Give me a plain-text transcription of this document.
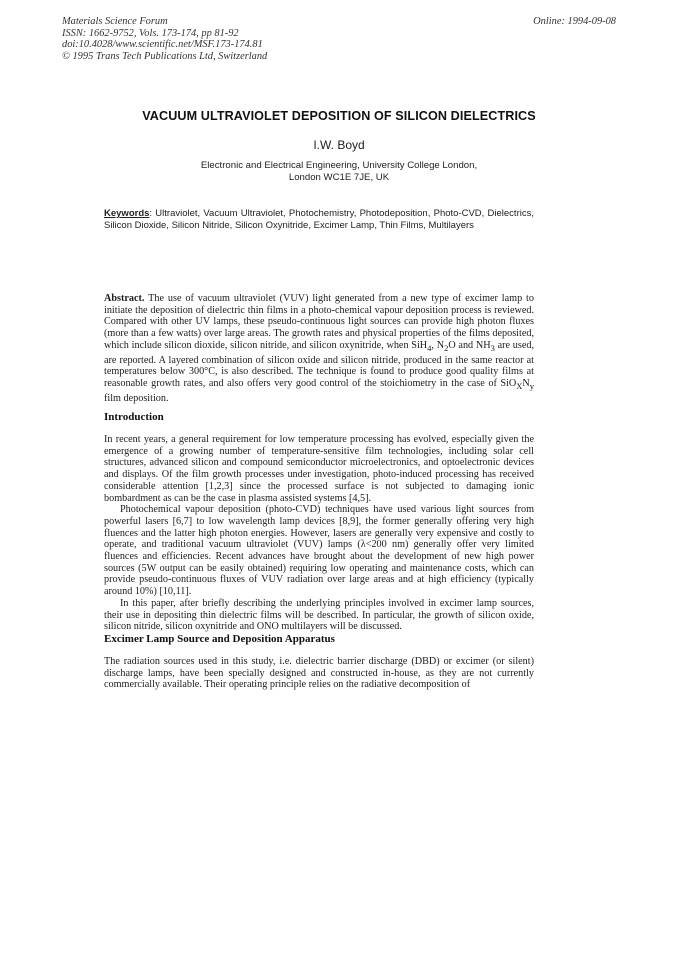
Materials Science Forum
ISSN: 1662-9752, Vols. 173-174, pp 81-92
doi:10.4028/www.scientific.net/MSF.173-174.81
© 1995 Trans Tech Publications Ltd, Switzerland
Online: 1994-09-08
VACUUM ULTRAVIOLET DEPOSITION OF SILICON DIELECTRICS
I.W. Boyd
Electronic and Electrical Engineering, University College London,
London WC1E 7JE, UK
Keywords: Ultraviolet, Vacuum Ultraviolet, Photochemistry, Photodeposition, Photo-CVD, Dielectrics, Silicon Dioxide, Silicon Nitride, Silicon Oxynitride, Excimer Lamp, Thin Films, Multilayers

Abstract. The use of vacuum ultraviolet (VUV) light generated from a new type of excimer lamp to initiate the deposition of dielectric thin films in a photo-chemical vapour deposition process is reviewed. Compared with other UV lamps, these pseudo-continuous light sources can provide high photon fluxes (more than a few watts) over large areas. The growth rates and physical properties of the films deposited, which include silicon dioxide, silicon nitride, and silicon oxynitride, when SiH$_4$, $N_2O$ and $NH_3$ are used, are reported. A layered combination of silicon oxide and silicon nitride, produced in the same reactor at temperatures below 300°C, is also described. The technique is found to produce good quality films at reasonable growth rates, and also offers very good control of the stoichiometry in the case of $SiO_XN_y$ film deposition.

Introduction

In recent years, a general requirement for low temperature processing has evolved, especially given the emergence of a growing number of temperature-sensitive film technologies, including solar cell structures, advanced silicon and compound semiconductor microelectronics, and optoelectronic devices and displays. Of the film growth processes under investigation, photo-induced processing has received considerable attention [1,2,3] since the processed surface is not subjected to damaging ionic bombardment as can be the case in plasma assisted systems [4,5].

Photochemical vapour deposition (photo-CVD) techniques have used various light sources from powerful lasers [6,7] to low wavelength lamp devices [8,9], the former generally offering very high fluences and the latter high photon energies. However, lasers are generally very expensive and costly to operate, and traditional vacuum ultraviolet (VUV) lamps (λ<200 nm) generally offer very limited fluences and efficiencies. Recent advances have brought about the development of new high power sources (5W output can be easily obtained) requiring low operating and maintenance costs, which can provide pseudo-continuous fluxes of VUV radiation over large areas and at high efficiency (typically around 10%) [10,11].

In this paper, after briefly describing the underlying principles involved in excimer lamp sources, their use in depositing thin dielectric films will be described. In particular, the growth of silicon oxide, silicon nitride, silicon oxynitride and ONO multilayers will be discussed.

Excimer Lamp Source and Deposition Apparatus

The radiation sources used in this study, i.e. dielectric barrier discharge (DBD) or excimer (or silent) discharge lamps, have been specially designed and constructed in-house, as they are not currently commercially available. Their operating principle relies on the radiative decomposition of
